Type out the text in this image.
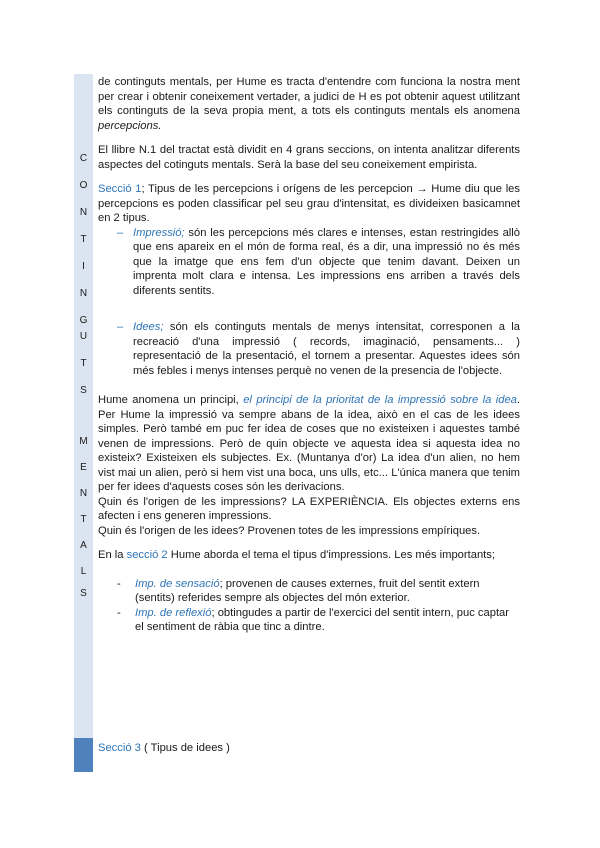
C
O
N
T
I
N
G
U
T
S
M
E
N
T
A
L
S

de continguts mentals, per Hume es tracta d'entendre com funciona la nostra ment per crear i obtenir coneixement vertader, a judici de H es pot obtenir aquest utilitzant els continguts de la seva propia ment, a tots els continguts mentals els anomena percepcions.

El llibre N.1 del tractat està dividit en 4 grans seccions, on intenta analitzar diferents aspectes del cotinguts mentals. Serà la base del seu coneixement empirista.

Secció 1; Tipus de les percepcions i orígens de les percepcion → Hume diu que les percepcions es poden classificar pel seu grau d'intensitat, es divideixen basicamnet en 2 tipus.

– Impressió; són les percepcions més clares e intenses, estan restringides allò que ens apareix en el món de forma real, és a dir, una impressió no és més que la imatge que ens fem d'un objecte que tenim davant. Deixen un imprenta molt clara e intensa. Les impressions ens arriben a través dels diferents sentits.
– Idees; són els continguts mentals de menys intensitat, corresponen a la recreació d'una impressió ( records, imaginació, pensaments... ) representació de la presentació, el tornem a presentar. Aquestes idees són més febles i menys intenses perquè no venen de la presencia de l'objecte.

Hume anomena un principi, el principi de la prioritat de la impressió sobre la idea. Per Hume la impressió va sempre abans de la idea, això en el cas de les idees simples. Però també em puc fer idea de coses que no existeixen i aquestes també venen de impressions. Però de quin objecte ve aquesta idea si aquesta idea no existeix? Existeixen els subjectes. Ex. (Muntanya d'or) La idea d'un alien, no hem vist mai un alien, però si hem vist una boca, uns ulls, etc... L'única manera que tenim per fer idees d'aquests coses són les derivacions.

Quin és l'origen de les impressions? LA EXPERIÈNCIA. Els objectes externs ens afecten i ens generen impressions.

Quin és l'origen de les idees? Provenen totes de les impressions empíriques.

En la secció 2 Hume aborda el tema el tipus d'impressions. Les més importants;

- Imp. de sensació; provenen de causes externes, fruit del sentit extern (sentits) referides sempre als objectes del món exterior.
- Imp. de reflexió; obtingudes a partir de l'exercici del sentit intern, puc captar el sentiment de ràbia que tinc a dintre.

Secció 3 ( Tipus de idees )
